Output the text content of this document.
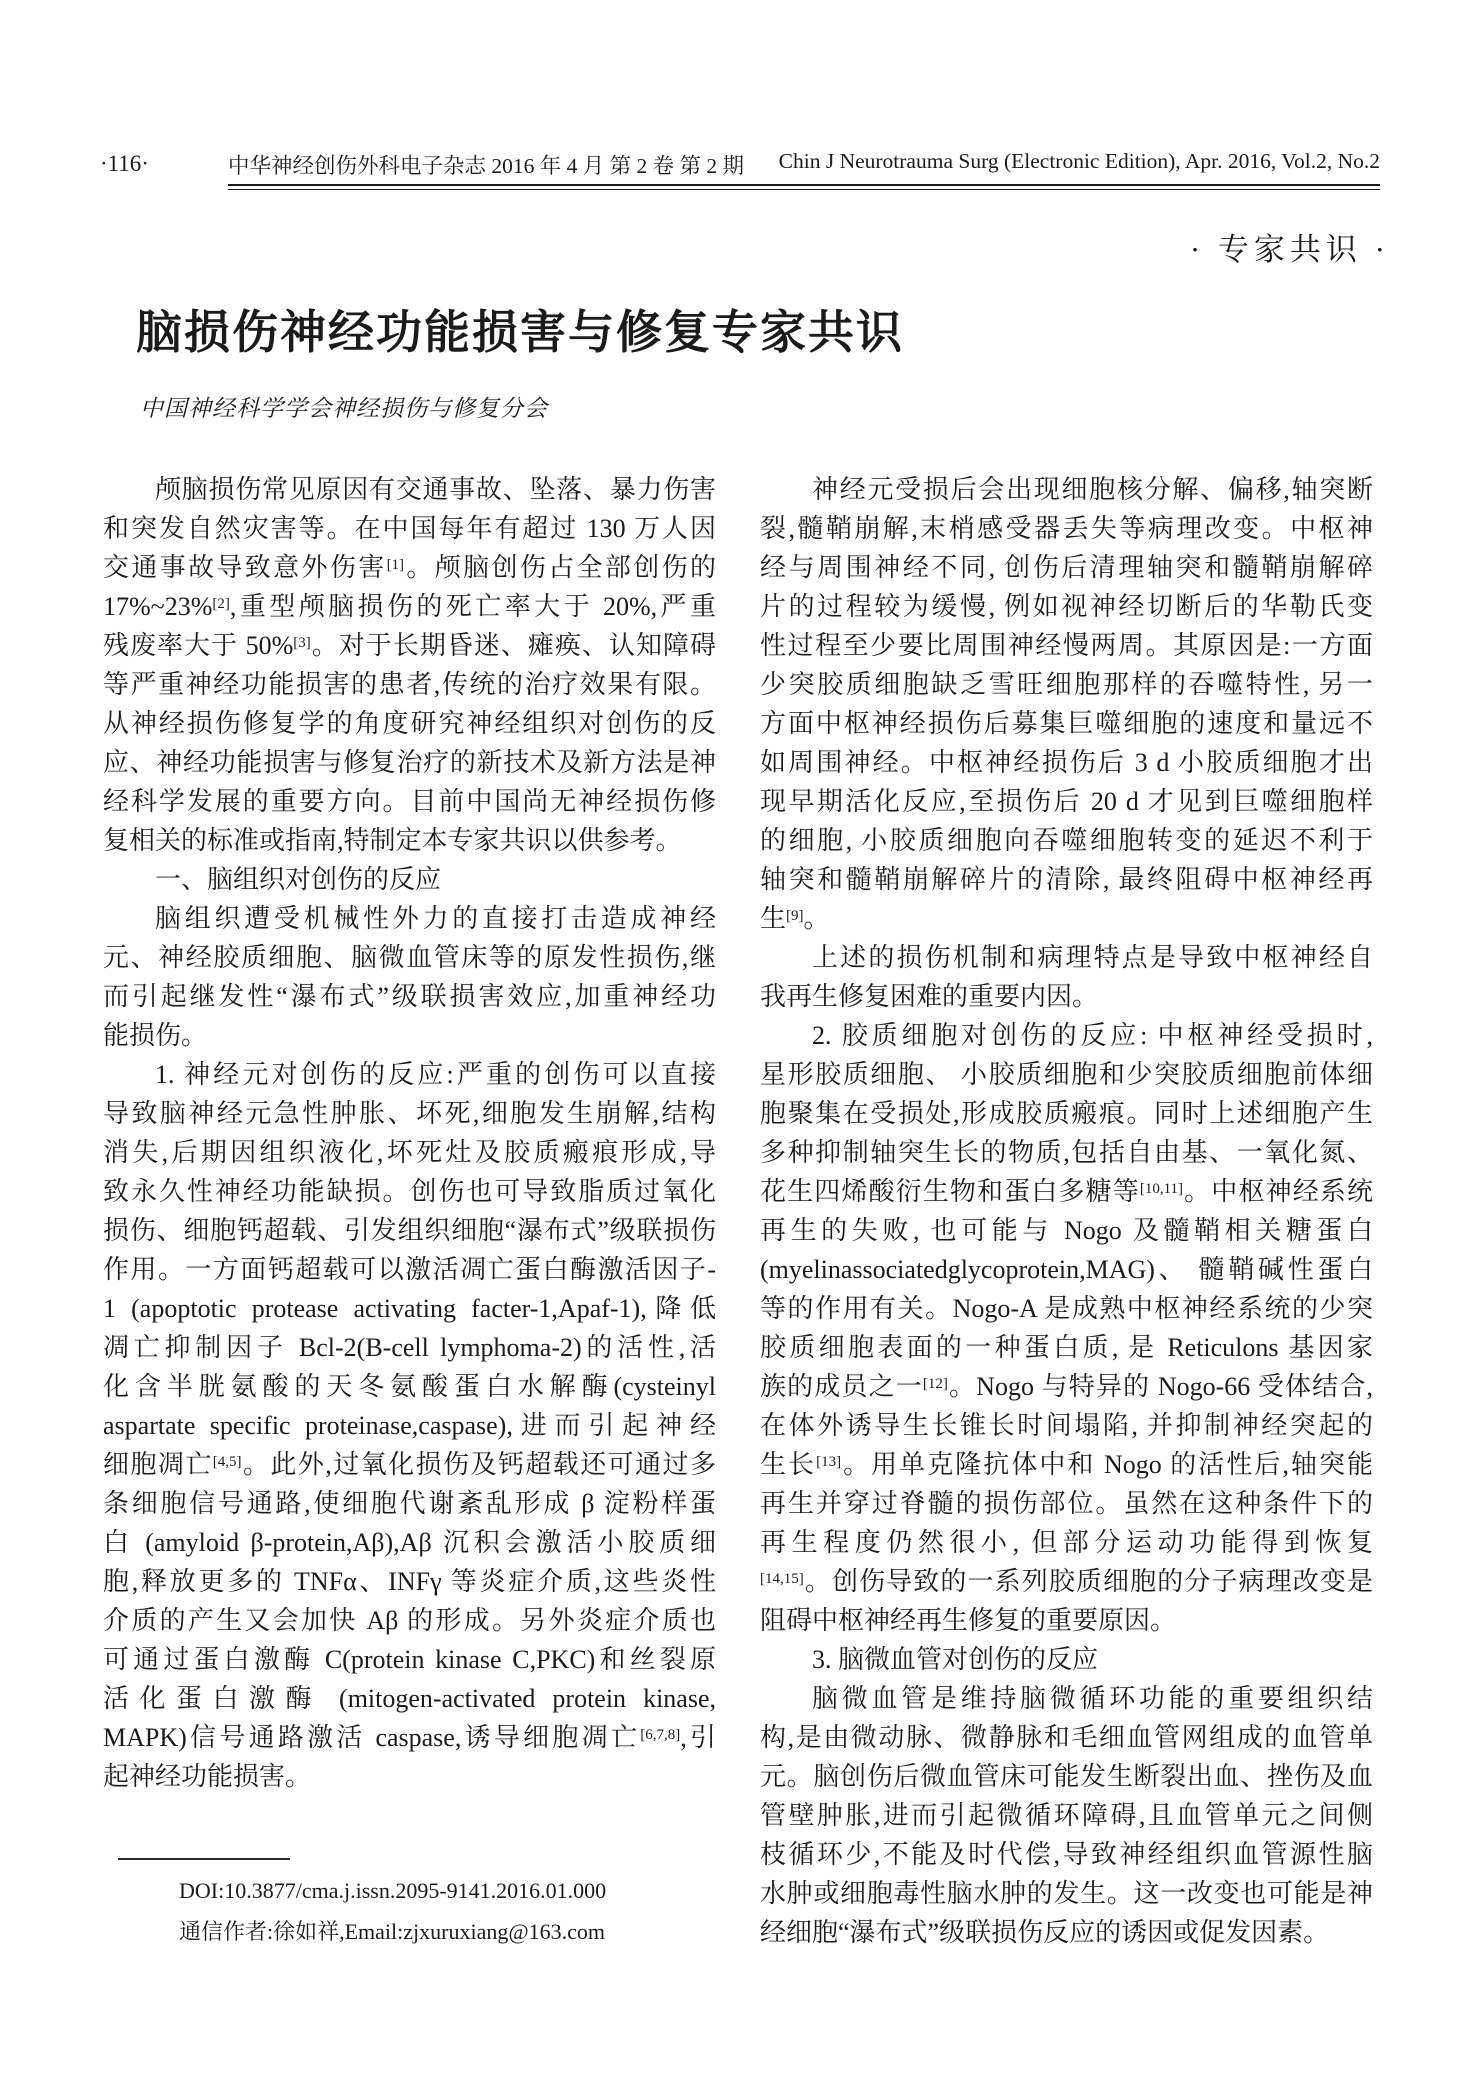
·116·	中华神经创伤外科电子杂志 2016 年 4 月 第 2 卷 第 2 期 Chin J Neurotrauma Surg (Electronic Edition), Apr. 2016, Vol.2, No.2
· 专家共识 ·
脑损伤神经功能损害与修复专家共识
中国神经科学学会神经损伤与修复分会
颅脑损伤常见原因有交通事故、坠落、暴力伤害
和突发自然灾害等。在中国每年有超过 130 万人因
交通事故导致意外伤害[1]。颅脑创伤占全部创伤的
17%~23%[2],重型颅脑损伤的死亡率大于 20%,严重
残废率大于 50%[3]。对于长期昏迷、瘫痪、认知障碍
等严重神经功能损害的患者,传统的治疗效果有限。
从神经损伤修复学的角度研究神经组织对创伤的反
应、神经功能损害与修复治疗的新技术及新方法是神
经科学发展的重要方向。目前中国尚无神经损伤修
复相关的标准或指南,特制定本专家共识以供参考。
一、脑组织对创伤的反应
脑组织遭受机械性外力的直接打击造成神经
元、神经胶质细胞、脑微血管床等的原发性损伤,继
而引起继发性“瀑布式”级联损害效应,加重神经功
能损伤。
1. 神经元对创伤的反应:严重的创伤可以直接
导致脑神经元急性肿胀、坏死,细胞发生崩解,结构
消失,后期因组织液化,坏死灶及胶质瘢痕形成,导
致永久性神经功能缺损。创伤也可导致脂质过氧化
损伤、细胞钙超载、引发组织细胞“瀑布式”级联损伤
作用。一方面钙超载可以激活凋亡蛋白酶激活因子-
1 (apoptotic protease activating facter-1,Apaf-1),降低
凋亡抑制因子 Bcl-2(B-cell lymphoma-2)的活性,活
化含半胱氨酸的天冬氨酸蛋白水解酶(cysteinyl
aspartate specific proteinase,caspase),进而引起神经
细胞凋亡[4,5]。此外,过氧化损伤及钙超载还可通过多
条细胞信号通路,使细胞代谢紊乱形成 β 淀粉样蛋
白 (amyloid β-protein,Aβ),Aβ 沉积会激活小胶质细
胞,释放更多的 TNFα、INFγ 等炎症介质,这些炎性
介质的产生又会加快 Aβ 的形成。另外炎症介质也
可通过蛋白激酶 C(protein kinase C,PKC)和丝裂原
活化蛋白激酶 (mitogen-activated protein kinase,
MAPK)信号通路激活 caspase,诱导细胞凋亡[6,7,8],引
起神经功能损害。
神经元受损后会出现细胞核分解、偏移,轴突断
裂,髓鞘崩解,末梢感受器丢失等病理改变。中枢神
经与周围神经不同, 创伤后清理轴突和髓鞘崩解碎
片的过程较为缓慢, 例如视神经切断后的华勒氏变
性过程至少要比周围神经慢两周。其原因是:一方面
少突胶质细胞缺乏雪旺细胞那样的吞噬特性, 另一
方面中枢神经损伤后募集巨噬细胞的速度和量远不
如周围神经。中枢神经损伤后 3 d 小胶质细胞才出
现早期活化反应,至损伤后 20 d 才见到巨噬细胞样
的细胞, 小胶质细胞向吞噬细胞转变的延迟不利于
轴突和髓鞘崩解碎片的清除, 最终阻碍中枢神经再
生[9]。
上述的损伤机制和病理特点是导致中枢神经自
我再生修复困难的重要内因。
2. 胶质细胞对创伤的反应: 中枢神经受损时,
星形胶质细胞、 小胶质细胞和少突胶质细胞前体细
胞聚集在受损处,形成胶质瘢痕。同时上述细胞产生
多种抑制轴突生长的物质,包括自由基、一氧化氮、
花生四烯酸衍生物和蛋白多糖等[10,11]。中枢神经系统
再生的失败, 也可能与 Nogo 及髓鞘相关糖蛋白
(myelinassociatedglycoprotein,MAG)、 髓鞘碱性蛋白
等的作用有关。Nogo-A 是成熟中枢神经系统的少突
胶质细胞表面的一种蛋白质, 是 Reticulons 基因家
族的成员之一[12]。Nogo 与特异的 Nogo-66 受体结合,
在体外诱导生长锥长时间塌陷, 并抑制神经突起的
生长[13]。用单克隆抗体中和 Nogo 的活性后,轴突能
再生并穿过脊髓的损伤部位。虽然在这种条件下的
再生程度仍然很小, 但部分运动功能得到恢复
[14,15]。创伤导致的一系列胶质细胞的分子病理改变是
阻碍中枢神经再生修复的重要原因。
3. 脑微血管对创伤的反应
脑微血管是维持脑微循环功能的重要组织结
构,是由微动脉、微静脉和毛细血管网组成的血管单
元。脑创伤后微血管床可能发生断裂出血、挫伤及血
管壁肿胀,进而引起微循环障碍,且血管单元之间侧
枝循环少,不能及时代偿,导致神经组织血管源性脑
水肿或细胞毒性脑水肿的发生。这一改变也可能是神
经细胞“瀑布式”级联损伤反应的诱因或促发因素。
DOI:10.3877/cma.j.issn.2095-9141.2016.01.000
通信作者:徐如祥,Email:zjxuruxiang@163.com
